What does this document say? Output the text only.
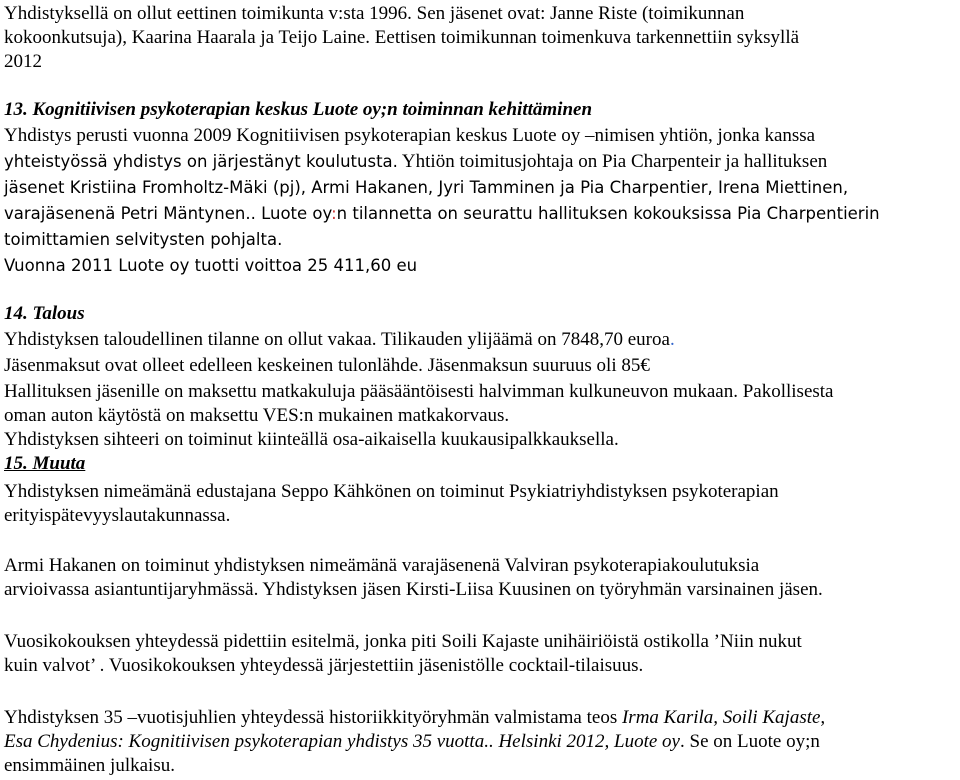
Yhdistyksellä on ollut eettinen toimikunta v:sta 1996. Sen jäsenet ovat: Janne Riste (toimikunnan
kokoonkutsuja), Kaarina Haarala ja Teijo Laine. Eettisen toimikunnan toimenkuva tarkennettiin syksyllä
2012
13. Kognitiivisen psykoterapian keskus Luote oy;n toiminnan kehittäminen
Yhdistys perusti vuonna 2009 Kognitiivisen psykoterapian keskus Luote oy –nimisen yhtiön, jonka kanssa
yhteistyössä yhdistys on järjestänyt koulutusta. Yhtiön toimitusjohtaja on Pia Charpenteir ja hallituksen
jäsenet Kristiina Fromholtz-Mäki (pj), Armi Hakanen, Jyri Tamminen ja Pia Charpentier, Irena Miettinen,
varajäsenenä Petri Mäntynen.. Luote oy:n tilannetta on seurattu hallituksen kokouksissa Pia Charpentierin
toimittamien selvitysten pohjalta.
Vuonna 2011 Luote oy tuotti voittoa 25 411,60 eu
14. Talous
Yhdistyksen taloudellinen tilanne on ollut vakaa. Tilikauden ylijäämä on 7848,70 euroa.
Jäsenmaksut ovat olleet edelleen keskeinen tulonlähde. Jäsenmaksun suuruus oli 85€
Hallituksen jäsenille on maksettu matkakuluja pääsääntöisesti halvimman kulkuneuvon mukaan. Pakollisesta
oman auton käytöstä on maksettu VES:n mukainen matkakorvaus.
Yhdistyksen sihteeri on toiminut kiinteällä osa-aikaisella kuukausipalkkauksella.
15. Muuta
Yhdistyksen nimeämänä edustajana Seppo Kähkönen on toiminut Psykiatriyhdistyksen psykoterapian
erityispätevyyslautakunnassa.
Armi Hakanen on toiminut yhdistyksen nimeämänä varajäsenenä Valviran psykoterapiakoulutuksia
arvioivassa asiantuntijaryhmässä. Yhdistyksen jäsen Kirsti-Liisa Kuusinen on työryhmän varsinainen jäsen.
Vuosikokouksen yhteydessä pidettiin esitelmä, jonka piti Soili Kajaste unihäiriöistä ostikolla ’Niin nukut
kuin valvot’ . Vuosikokouksen yhteydessä järjestettiin jäsenistölle cocktail-tilaisuus.
Yhdistyksen 35 –vuotisjuhlien yhteydessä historiikkityöryhmän valmistama teos Irma Karila, Soili Kajaste,
Esa Chydenius: Kognitiivisen psykoterapian yhdistys 35 vuotta.. Helsinki 2012, Luote oy. Se on Luote oy;n
ensimmäinen julkaisu.
